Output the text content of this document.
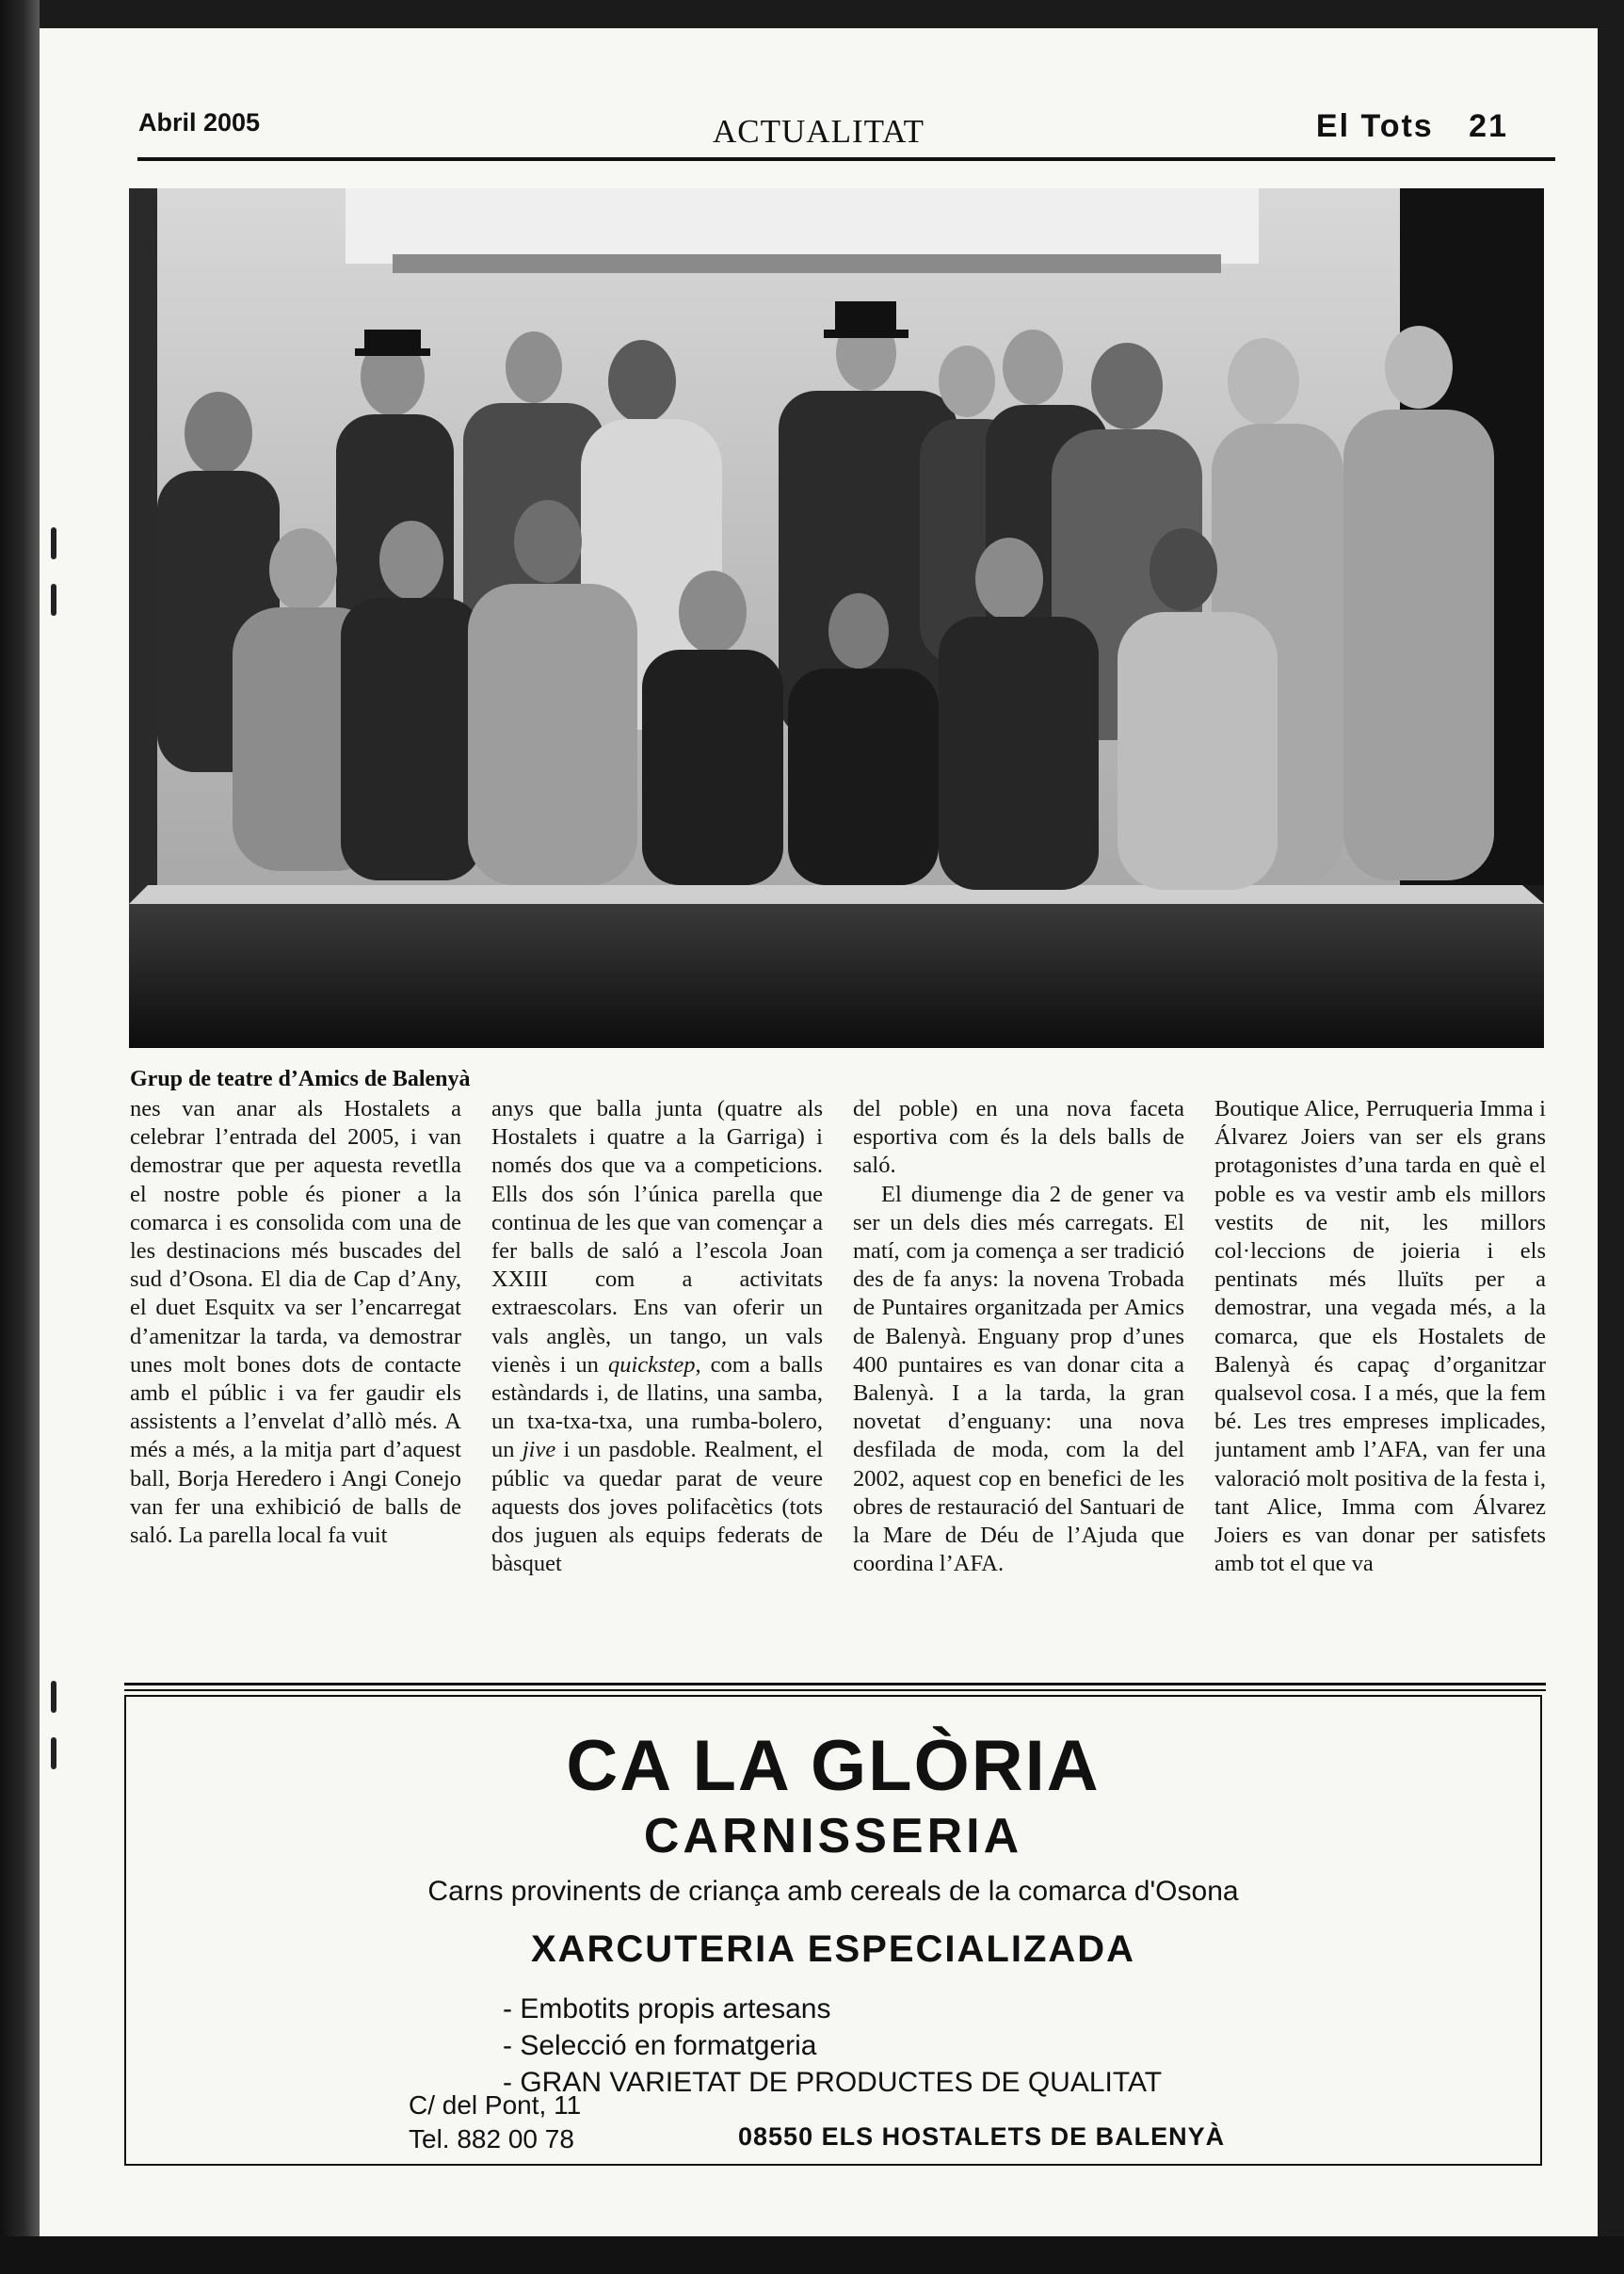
Abril 2005	ACTUALITAT	El Tots 21
Grup de teatre d’Amics de Balenyà

nes van anar als Hostalets a celebrar l’entrada del 2005, i van demostrar que per aquesta revetlla el nostre poble és pioner a la comarca i es consolida com una de les destinacions més buscades del sud d’Osona. El dia de Cap d’Any, el duet Esquitx va ser l’encarregat d’amenitzar la tarda, va demostrar unes molt bones dots de contacte amb el públic i va fer gaudir els assistents a l’envelat d’allò més. A més a més, a la mitja part d’aquest ball, Borja Heredero i Angi Conejo van fer una exhibició de balls de saló. La parella local fa vuit

anys que balla junta (quatre als Hostalets i quatre a la Garriga) i només dos que va a competicions. Ells dos són l’única parella que continua de les que van començar a fer balls de saló a l’escola Joan XXIII com a activitats extraescolars. Ens van oferir un vals anglès, un tango, un vals vienès i un quickstep, com a balls estàndards i, de llatins, una samba, un txa-txa-txa, una rumba-bolero, un jive i un pasdoble. Realment, el públic va quedar parat de veure aquests dos joves polifacètics (tots dos juguen als equips federats de bàsquet

del poble) en una nova faceta esportiva com és la dels balls de saló.

El diumenge dia 2 de gener va ser un dels dies més carregats. El matí, com ja comença a ser tradició des de fa anys: la novena Trobada de Puntaires organitzada per Amics de Balenyà. Enguany prop d’unes 400 puntaires es van donar cita a Balenyà. I a la tarda, la gran novetat d’enguany: una nova desfilada de moda, com la del 2002, aquest cop en benefici de les obres de restauració del Santuari de la Mare de Déu de l’Ajuda que coordina l’AFA.

Boutique Alice, Perruqueria Imma i Álvarez Joiers van ser els grans protagonistes d’una tarda en què el poble es va vestir amb els millors vestits de nit, les millors col·leccions de joieria i els pentinats més lluïts per a demostrar, una vegada més, a la comarca, que els Hostalets de Balenyà és capaç d’organitzar qualsevol cosa. I a més, que la fem bé. Les tres empreses implicades, juntament amb l’AFA, van fer una valoració molt positiva de la festa i, tant Alice, Imma com Álvarez Joiers es van donar per satisfets amb tot el que va

CA LA GLÒRIA
CARNISSERIA
Carns provinents de criança amb cereals de la comarca d'Osona
XARCUTERIA ESPECIALIZADA
- Embotits propis artesans
- Selecció en formatgeria
- GRAN VARIETAT DE PRODUCTES DE QUALITAT
C/ del Pont, 11
Tel. 882 00 78	08550 ELS HOSTALETS DE BALENYÀ
